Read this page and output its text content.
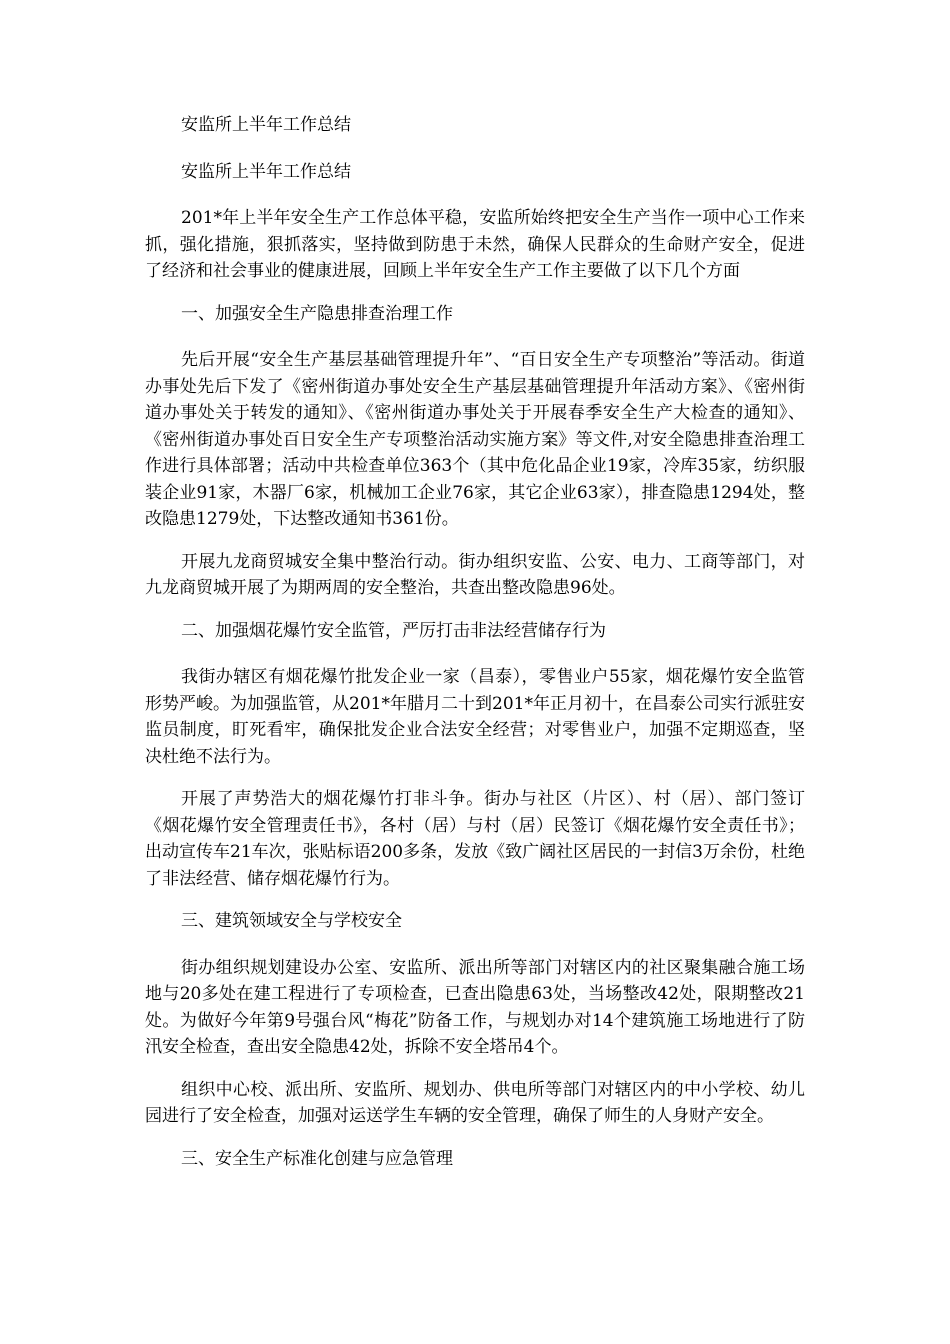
安监所上半年工作总结

安监所上半年工作总结

201*年上半年安全生产工作总体平稳，安监所始终把安全生产当作一项中心工作来抓，强化措施，狠抓落实，坚持做到防患于未然，确保人民群众的生命财产安全，促进了经济和社会事业的健康进展，回顾上半年安全生产工作主要做了以下几个方面

一、加强安全生产隐患排查治理工作

先后开展“安全生产基层基础管理提升年”、“百日安全生产专项整治”等活动。街道办事处先后下发了《密州街道办事处安全生产基层基础管理提升年活动方案》、《密州街道办事处关于转发的通知》、《密州街道办事处关于开展春季安全生产大检查的通知》、《密州街道办事处百日安全生产专项整治活动实施方案》等文件,对安全隐患排查治理工作进行具体部署；活动中共检查单位363个（其中危化品企业19家，冷库35家，纺织服装企业91家，木器厂6家，机械加工企业76家，其它企业63家），排查隐患1294处，整改隐患1279处，下达整改通知书361份。

开展九龙商贸城安全集中整治行动。街办组织安监、公安、电力、工商等部门，对九龙商贸城开展了为期两周的安全整治，共查出整改隐患96处。

二、加强烟花爆竹安全监管，严厉打击非法经营储存行为

我街办辖区有烟花爆竹批发企业一家（昌泰），零售业户55家，烟花爆竹安全监管形势严峻。为加强监管，从201*年腊月二十到201*年正月初十，在昌泰公司实行派驻安监员制度，盯死看牢，确保批发企业合法安全经营；对零售业户，加强不定期巡查，坚决杜绝不法行为。

开展了声势浩大的烟花爆竹打非斗争。街办与社区（片区）、村（居）、部门签订《烟花爆竹安全管理责任书》，各村（居）与村（居）民签订《烟花爆竹安全责任书》；出动宣传车21车次，张贴标语200多条，发放《致广阔社区居民的一封信3万余份，杜绝了非法经营、储存烟花爆竹行为。

三、建筑领域安全与学校安全

街办组织规划建设办公室、安监所、派出所等部门对辖区内的社区聚集融合施工场地与20多处在建工程进行了专项检查，已查出隐患63处，当场整改42处，限期整改21处。为做好今年第9号强台风“梅花”防备工作，与规划办对14个建筑施工场地进行了防汛安全检查，查出安全隐患42处，拆除不安全塔吊4个。

组织中心校、派出所、安监所、规划办、供电所等部门对辖区内的中小学校、幼儿园进行了安全检查，加强对运送学生车辆的安全管理，确保了师生的人身财产安全。

三、安全生产标准化创建与应急管理
